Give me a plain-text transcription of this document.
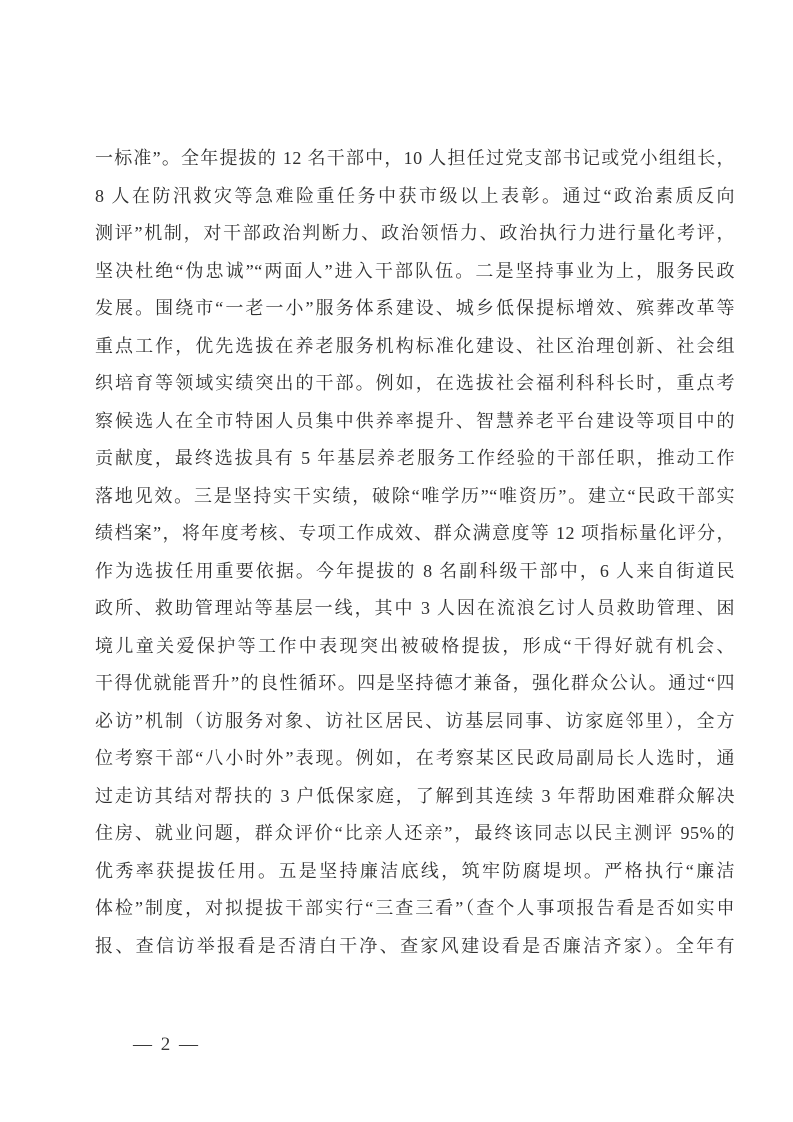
一标准”。全年提拔的 12 名干部中，10 人担任过党支部书记或党小组组长，
8 人在防汛救灾等急难险重任务中获市级以上表彰。通过“政治素质反向
测评”机制，对干部政治判断力、政治领悟力、政治执行力进行量化考评，
坚决杜绝“伪忠诚”“两面人”进入干部队伍。二是坚持事业为上，服务民政
发展。围绕市“一老一小”服务体系建设、城乡低保提标增效、殡葬改革等
重点工作，优先选拔在养老服务机构标准化建设、社区治理创新、社会组
织培育等领域实绩突出的干部。例如，在选拔社会福利科科长时，重点考
察候选人在全市特困人员集中供养率提升、智慧养老平台建设等项目中的
贡献度，最终选拔具有 5 年基层养老服务工作经验的干部任职，推动工作
落地见效。三是坚持实干实绩，破除“唯学历”“唯资历”。建立“民政干部实
绩档案”，将年度考核、专项工作成效、群众满意度等 12 项指标量化评分，
作为选拔任用重要依据。今年提拔的 8 名副科级干部中，6 人来自街道民
政所、救助管理站等基层一线，其中 3 人因在流浪乞讨人员救助管理、困
境儿童关爱保护等工作中表现突出被破格提拔，形成“干得好就有机会、
干得优就能晋升”的良性循环。四是坚持德才兼备，强化群众公认。通过“四
必访”机制（访服务对象、访社区居民、访基层同事、访家庭邻里），全方
位考察干部“八小时外”表现。例如，在考察某区民政局副局长人选时，通
过走访其结对帮扶的 3 户低保家庭，了解到其连续 3 年帮助困难群众解决
住房、就业问题，群众评价“比亲人还亲”，最终该同志以民主测评 95%的
优秀率获提拔任用。五是坚持廉洁底线，筑牢防腐堤坝。严格执行“廉洁
体检”制度，对拟提拔干部实行“三查三看”（查个人事项报告看是否如实申
报、查信访举报看是否清白干净、查家风建设看是否廉洁齐家）。全年有
— 2 —
